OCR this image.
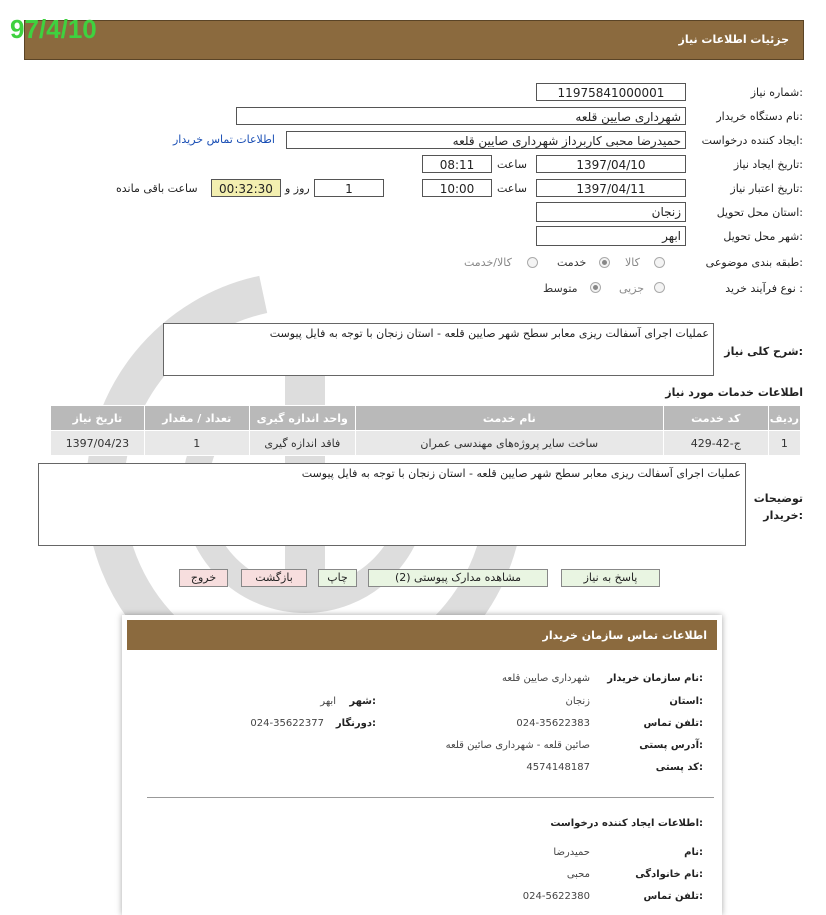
97/4/10	جزئیات اطلاعات نیاز
شماره نیاز:
11975841000001
نام دستگاه خریدار:
شهرداری صایین قلعه
ایجاد کننده درخواست:
حمیدرضا محبی کاربرداز شهرداری صایین قلعه
اطلاعات تماس خریدار
تاریخ ایجاد نیاز:
1397/04/10
ساعت
08:11
تاریخ اعتبار نیاز:
1397/04/11
ساعت
10:00
1
روز و
00:32:30
ساعت باقی مانده
استان محل تحویل:
زنجان
شهر محل تحویل:
ابهر
طبقه بندی موضوعی:
کالا
خدمت
کالا/خدمت
نوع فرآیند خرید :
جزیی
متوسط
شرح کلی نیاز:
عملیات اجرای آسفالت ریزی معابر سطح شهر صایین قلعه - استان زنجان با توجه به فایل پیوست
اطلاعات خدمات مورد نیاز
ردیف	کد خدمت	نام خدمت	واحد اندازه گیری	تعداد / مقدار	تاریخ نیاز
1	ج-42-429	ساخت سایر پروژه‌های مهندسی عمران	فاقد اندازه گیری	1	1397/04/23
توضیحات خریدار:
عملیات اجرای آسفالت ریزی معابر سطح شهر صایین قلعه - استان زنجان با توجه به فایل پیوست
پاسخ به نیاز
مشاهده مدارک پیوستی (2)
چاپ
بازگشت
خروج
اطلاعات تماس سازمان خریدار
نام سازمان خریدار:
شهرداری صایین قلعه
استان:
زنجان
شهر:
ابهر
تلفن تماس:
024-35622383
دورنگار:
024-35622377
آدرس پستی:
صائین قلعه - شهرداری صائین قلعه
کد پستی:
4574148187
اطلاعات ایجاد کننده درخواست:
نام:
حمیدرضا
نام خانوادگی:
محبی
تلفن تماس:
024-5622380
